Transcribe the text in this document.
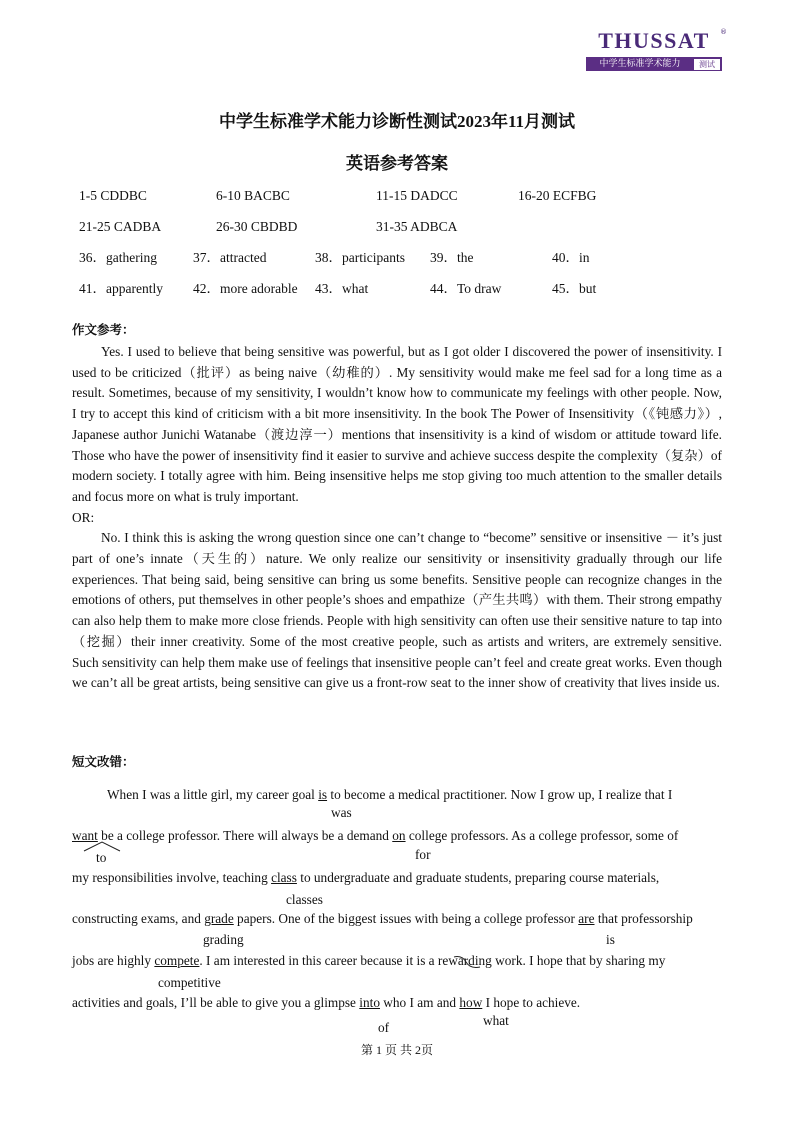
THUSSAT	®
中学生标准学术能力	测试
中学生标准学术能力诊断性测试2023年11月测试
英语参考答案
1-5 CDDBC	6-10 BACBC	11-15 DADCC	16-20 ECFBG
21-25 CADBA	26-30 CBDBD	31-35 ADBCA
36．gathering	37．attracted	38．participants 39．the	40．in
41．apparently 42．more adorable 43．what	44．To draw	45．but
作文参考：

Yes. I used to believe that being sensitive was powerful, but as I got older I discovered the power of insensitivity. I used to be criticized（批评）as being naive（幼稚的）. My sensitivity would make me feel sad for a long time as a result. Sometimes, because of my sensitivity, I wouldn’t know how to communicate my feelings with other people. Now, I try to accept this kind of criticism with a bit more insensitivity. In the book The Power of Insensitivity（《钝感力》）, Japanese author Junichi Watanabe（渡边淳一）mentions that insensitivity is a kind of wisdom or attitude toward life. Those who have the power of insensitivity find it easier to survive and achieve success despite the complexity（复杂）of modern society. I totally agree with him. Being insensitive helps me stop giving too much attention to the smaller details and focus more on what is truly important.

OR:

No. I think this is asking the wrong question since one can’t change to “become” sensitive or insensitive － it’s just part of one’s innate（天生的）nature. We only realize our sensitivity or insensitivity gradually through our life experiences. That being said, being sensitive can bring us some benefits. Sensitive people can recognize changes in the emotions of others, put themselves in other people’s shoes and empathize（产生共鸣）with them. Their strong empathy can also help them to make more close friends. People with high sensitivity can often use their sensitive nature to tap into（挖掘）their inner creativity. Some of the most creative people, such as artists and writers, are extremely sensitive. Such sensitivity can help them make use of feelings that insensitive people can’t feel and create great works. Even though we can’t all be great artists, being sensitive can give us a front-row seat to the inner show of creativity that lives inside us.

短文改错：
When I was a little girl, my career goal is to become a medical practitioner. Now I grow up, I realize that I
was
want be a college professor. There will always be a demand on college professors. As a college professor, some of
to	for
my responsibilities involve, teaching class to undergraduate and graduate students, preparing course materials,
classes
constructing exams, and grade papers. One of the biggest issues with being a college professor are that professorship
grading	is
jobs are highly compete. I am interested in this career because it is a rewarding work. I hope that by sharing my
competitive
activities and goals, I’ll be able to give you a glimpse into who I am and how I hope to achieve.
of	what
第 1 页 共 2页
